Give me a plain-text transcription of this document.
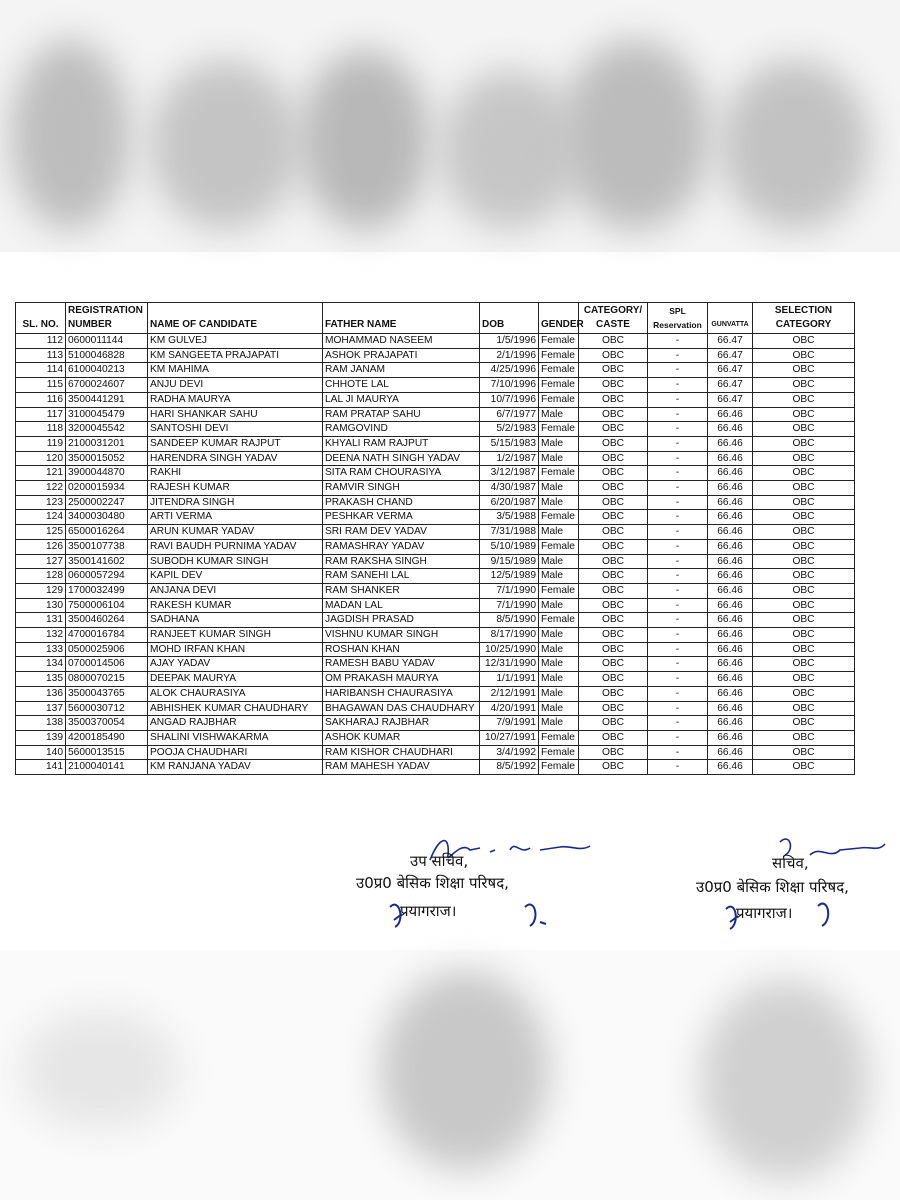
SL. NO.	REGISTRATION NUMBER	NAME OF CANDIDATE	FATHER NAME	DOB	GENDER	CATEGORY/ CASTE	SPL Reservation	GUNVATTA	SELECTION CATEGORY
112	0600011144	KM GULVEJ	MOHAMMAD NASEEM	1/5/1996	Female	OBC	-	66.47	OBC
113	5100046828	KM SANGEETA PRAJAPATI	ASHOK PRAJAPATI	2/1/1996	Female	OBC	-	66.47	OBC
114	6100040213	KM MAHIMA	RAM JANAM	4/25/1996	Female	OBC	-	66.47	OBC
115	6700024607	ANJU DEVI	CHHOTE LAL	7/10/1996	Female	OBC	-	66.47	OBC
116	3500441291	RADHA MAURYA	LAL JI MAURYA	10/7/1996	Female	OBC	-	66.47	OBC
117	3100045479	HARI SHANKAR SAHU	RAM PRATAP SAHU	6/7/1977	Male	OBC	-	66.46	OBC
118	3200045542	SANTOSHI DEVI	RAMGOVIND	5/2/1983	Female	OBC	-	66.46	OBC
119	2100031201	SANDEEP KUMAR RAJPUT	KHYALI RAM RAJPUT	5/15/1983	Male	OBC	-	66.46	OBC
120	3500015052	HARENDRA SINGH YADAV	DEENA NATH SINGH YADAV	1/2/1987	Male	OBC	-	66.46	OBC
121	3900044870	RAKHI	SITA RAM CHOURASIYA	3/12/1987	Female	OBC	-	66.46	OBC
122	0200015934	RAJESH KUMAR	RAMVIR SINGH	4/30/1987	Male	OBC	-	66.46	OBC
123	2500002247	JITENDRA SINGH	PRAKASH CHAND	6/20/1987	Male	OBC	-	66.46	OBC
124	3400030480	ARTI VERMA	PESHKAR VERMA	3/5/1988	Female	OBC	-	66.46	OBC
125	6500016264	ARUN KUMAR YADAV	SRI RAM DEV YADAV	7/31/1988	Male	OBC	-	66.46	OBC
126	3500107738	RAVI BAUDH PURNIMA YADAV	RAMASHRAY YADAV	5/10/1989	Female	OBC	-	66.46	OBC
127	3500141602	SUBODH KUMAR SINGH	RAM RAKSHA SINGH	9/15/1989	Male	OBC	-	66.46	OBC
128	0600057294	KAPIL DEV	RAM SANEHI LAL	12/5/1989	Male	OBC	-	66.46	OBC
129	1700032499	ANJANA DEVI	RAM SHANKER	7/1/1990	Female	OBC	-	66.46	OBC
130	7500006104	RAKESH KUMAR	MADAN LAL	7/1/1990	Male	OBC	-	66.46	OBC
131	3500460264	SADHANA	JAGDISH PRASAD	8/5/1990	Female	OBC	-	66.46	OBC
132	4700016784	RANJEET KUMAR SINGH	VISHNU KUMAR SINGH	8/17/1990	Male	OBC	-	66.46	OBC
133	0500025906	MOHD IRFAN KHAN	ROSHAN KHAN	10/25/1990	Male	OBC	-	66.46	OBC
134	0700014506	AJAY YADAV	RAMESH BABU YADAV	12/31/1990	Male	OBC	-	66.46	OBC
135	0800070215	DEEPAK MAURYA	OM PRAKASH MAURYA	1/1/1991	Male	OBC	-	66.46	OBC
136	3500043765	ALOK CHAURASIYA	HARIBANSH CHAURASIYA	2/12/1991	Male	OBC	-	66.46	OBC
137	5600030712	ABHISHEK KUMAR CHAUDHARY	BHAGAWAN DAS CHAUDHARY	4/20/1991	Male	OBC	-	66.46	OBC
138	3500370054	ANGAD RAJBHAR	SAKHARAJ RAJBHAR	7/9/1991	Male	OBC	-	66.46	OBC
139	4200185490	SHALINI VISHWAKARMA	ASHOK KUMAR	10/27/1991	Female	OBC	-	66.46	OBC
140	5600013515	POOJA CHAUDHARI	RAM KISHOR CHAUDHARI	3/4/1992	Female	OBC	-	66.46	OBC
141	2100040141	KM RANJANA YADAV	RAM MAHESH YADAV	8/5/1992	Female	OBC	-	66.46	OBC
उप सचिव,
उ0प्र0 बेसिक शिक्षा परिषद,
प्रयागराज।
सचिव,
उ0प्र0 बेसिक शिक्षा परिषद,
प्रयागराज।
